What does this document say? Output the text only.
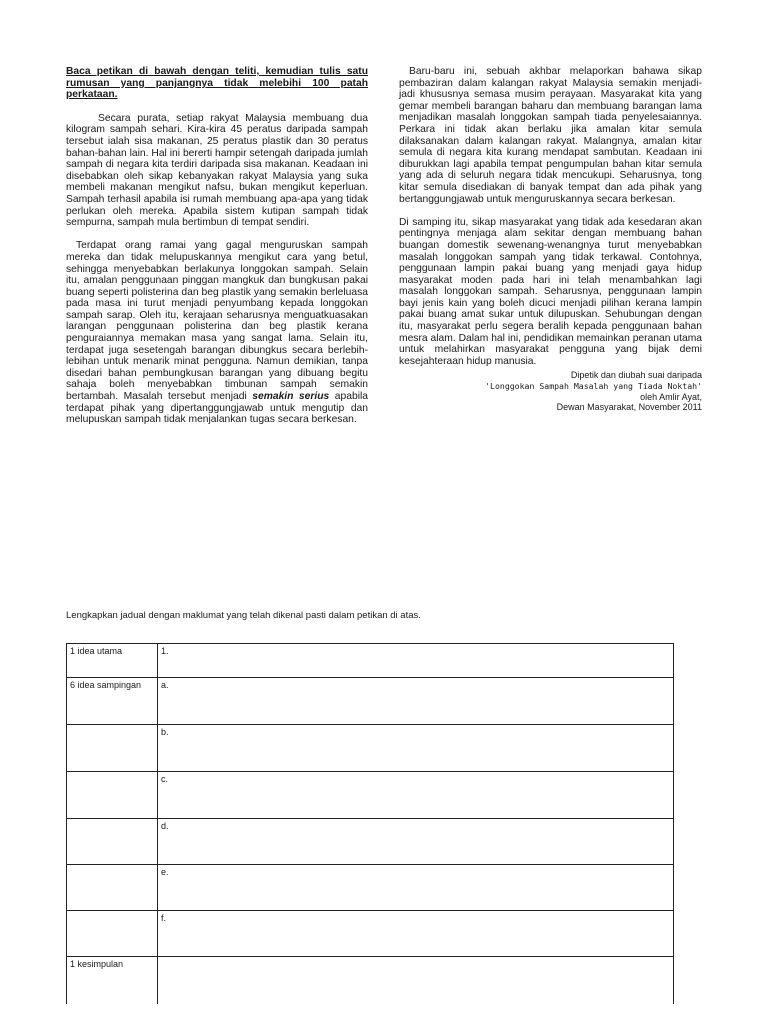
Baca petikan di bawah dengan teliti, kemudian tulis satu
rumusan yang panjangnya tidak melebihi 100 patah perkataan.

Secara purata, setiap rakyat Malaysia membuang dua kilogram sampah sehari. Kira-kira 45 peratus daripada sampah tersebut ialah sisa makanan, 25 peratus plastik dan 30 peratus bahan-bahan lain. Hal ini bererti hampir setengah daripada jumlah sampah di negara kita terdiri daripada sisa makanan. Keadaan ini disebabkan oleh sikap kebanyakan rakyat Malaysia yang suka membeli makanan mengikut nafsu, bukan mengikut keperluan. Sampah terhasil apabila isi rumah membuang apa-apa yang tidak perlukan oleh mereka. Apabila sistem kutipan sampah tidak sempurna, sampah mula bertimbun di tempat sendiri.

Terdapat orang ramai yang gagal menguruskan sampah mereka dan tidak melupuskannya mengikut cara yang betul, sehingga menyebabkan berlakunya longgokan sampah. Selain itu, amalan penggunaan pinggan mangkuk dan bungkusan pakai buang seperti polisterina dan beg plastik yang semakin berleluasa pada masa ini turut menjadi penyumbang kepada longgokan sampah sarap. Oleh itu, kerajaan seharusnya menguatkuasakan larangan penggunaan polisterina dan beg plastik kerana penguraiannya memakan masa yang sangat lama. Selain itu, terdapat juga sesetengah barangan dibungkus secara berlebih-lebihan untuk menarik minat pengguna. Namun demikian, tanpa disedari bahan pembungkusan barangan yang dibuang begitu sahaja boleh menyebabkan timbunan sampah semakin bertambah. Masalah tersebut menjadi semakin serius apabila terdapat pihak yang dipertanggungjawab untuk mengutip dan melupuskan sampah tidak menjalankan tugas secara berkesan.

Baru-baru ini, sebuah akhbar melaporkan bahawa sikap pembaziran dalam kalangan rakyat Malaysia semakin menjadi-jadi khususnya semasa musim perayaan. Masyarakat kita yang gemar membeli barangan baharu dan membuang barangan lama menjadikan masalah longgokan sampah tiada penyelesaiannya. Perkara ini tidak akan berlaku jika amalan kitar semula dilaksanakan dalam kalangan rakyat. Malangnya, amalan kitar semula di negara kita kurang mendapat sambutan. Keadaan ini diburukkan lagi apabila tempat pengumpulan bahan kitar semula yang ada di seluruh negara tidak mencukupi. Seharusnya, tong kitar semula disediakan di banyak tempat dan ada pihak yang bertanggungjawab untuk menguruskannya secara berkesan.

Di samping itu, sikap masyarakat yang tidak ada kesedaran akan pentingnya menjaga alam sekitar dengan membuang bahan buangan domestik sewenang-wenangnya turut menyebabkan masalah longgokan sampah yang tidak terkawal. Contohnya, penggunaan lampin pakai buang yang menjadi gaya hidup masyarakat moden pada hari ini telah menambahkan lagi masalah longgokan sampah. Seharusnya, penggunaan lampin bayi jenis kain yang boleh dicuci menjadi pilihan kerana lampin pakai buang amat sukar untuk dilupuskan. Sehubungan dengan itu, masyarakat perlu segera beralih kepada penggunaan bahan mesra alam. Dalam hal ini, pendidikan memainkan peranan utama untuk melahirkan masyarakat pengguna yang bijak demi kesejahteraan hidup manusia.

Dipetik dan diubah suai daripada
'Longgokan Sampah Masalah yang Tiada Noktah'
oleh Amlir Ayat,
Dewan Masyarakat, November 2011
Lengkapkan jadual dengan maklumat yang telah dikenal pasti dalam petikan di atas.
1 idea utama	1.
6 idea sampingan	a.
	b.
	c.
	d.
	e.
	f.
1 kesimpulan	
